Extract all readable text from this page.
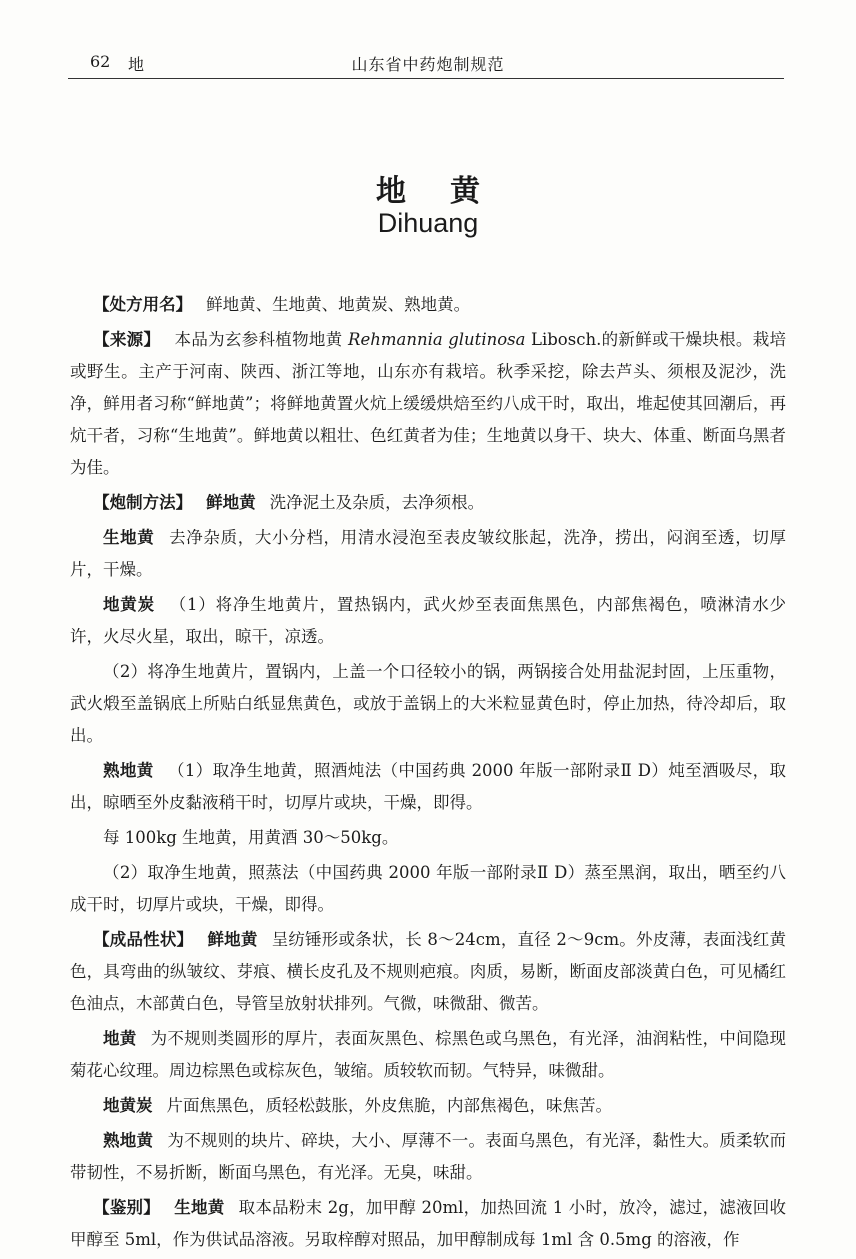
62 地	山东省中药炮制规范
地黄
Dihuang

【处方用名】 鲜地黄、生地黄、地黄炭、熟地黄。

【来源】 本品为玄参科植物地黄 Rehmannia glutinosa Libosch.的新鲜或干燥块根。栽培或野生。主产于河南、陕西、浙江等地，山东亦有栽培。秋季采挖，除去芦头、须根及泥沙，洗净，鲜用者习称“鲜地黄”；将鲜地黄置火炕上缓缓烘焙至约八成干时，取出，堆起使其回潮后，再炕干者，习称“生地黄”。鲜地黄以粗壮、色红黄者为佳；生地黄以身干、块大、体重、断面乌黑者为佳。

【炮制方法】 鲜地黄 洗净泥土及杂质，去净须根。

生地黄 去净杂质，大小分档，用清水浸泡至表皮皱纹胀起，洗净，捞出，闷润至透，切厚片，干燥。

地黄炭 （1）将净生地黄片，置热锅内，武火炒至表面焦黑色，内部焦褐色，喷淋清水少许，火尽火星，取出，晾干，凉透。

（2）将净生地黄片，置锅内，上盖一个口径较小的锅，两锅接合处用盐泥封固，上压重物，武火煅至盖锅底上所贴白纸显焦黄色，或放于盖锅上的大米粒显黄色时，停止加热，待冷却后，取出。

熟地黄 （1）取净生地黄，照酒炖法（中国药典 2000 年版一部附录Ⅱ D）炖至酒吸尽，取出，晾晒至外皮黏液稍干时，切厚片或块，干燥，即得。

每 100kg 生地黄，用黄酒 30～50kg。

（2）取净生地黄，照蒸法（中国药典 2000 年版一部附录Ⅱ D）蒸至黑润，取出，晒至约八成干时，切厚片或块，干燥，即得。

【成品性状】 鲜地黄 呈纺锤形或条状，长 8～24cm，直径 2～9cm。外皮薄，表面浅红黄色，具弯曲的纵皱纹、芽痕、横长皮孔及不规则疤痕。肉质，易断，断面皮部淡黄白色，可见橘红色油点，木部黄白色，导管呈放射状排列。气微，味微甜、微苦。

地黄 为不规则类圆形的厚片，表面灰黑色、棕黑色或乌黑色，有光泽，油润粘性，中间隐现菊花心纹理。周边棕黑色或棕灰色，皱缩。质较软而韧。气特异，味微甜。

地黄炭 片面焦黑色，质轻松鼓胀，外皮焦脆，内部焦褐色，味焦苦。

熟地黄 为不规则的块片、碎块，大小、厚薄不一。表面乌黑色，有光泽，黏性大。质柔软而带韧性，不易折断，断面乌黑色，有光泽。无臭，味甜。

【鉴别】 生地黄 取本品粉末 2g，加甲醇 20ml，加热回流 1 小时，放冷，滤过，滤液回收甲醇至 5ml，作为供试品溶液。另取梓醇对照品，加甲醇制成每 1ml 含 0.5mg 的溶液，作
